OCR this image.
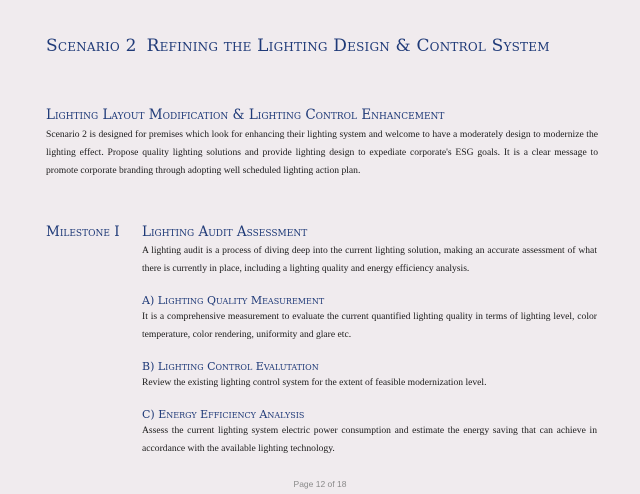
Scenario 2 Refining the Lighting Design & Control System
Lighting Layout Modification & Lighting Control Enhancement

Scenario 2 is designed for premises which look for enhancing their lighting system and welcome to have a moderately design to modernize the lighting effect. Propose quality lighting solutions and provide lighting design to expediate corporate's ESG goals. It is a clear message to promote corporate branding through adopting well scheduled lighting action plan.

Milestone I Lighting Audit Assessment

A lighting audit is a process of diving deep into the current lighting solution, making an accurate assessment of what there is currently in place, including a lighting quality and energy efficiency analysis.

A) Lighting Quality Measurement

It is a comprehensive measurement to evaluate the current quantified lighting quality in terms of lighting level, color temperature, color rendering, uniformity and glare etc.

B) Lighting Control Evalutation

Review the existing lighting control system for the extent of feasible modernization level.

C) Energy Efficiency Analysis

Assess the current lighting system electric power consumption and estimate the energy saving that can achieve in accordance with the available lighting technology.

Page 12 of 18
